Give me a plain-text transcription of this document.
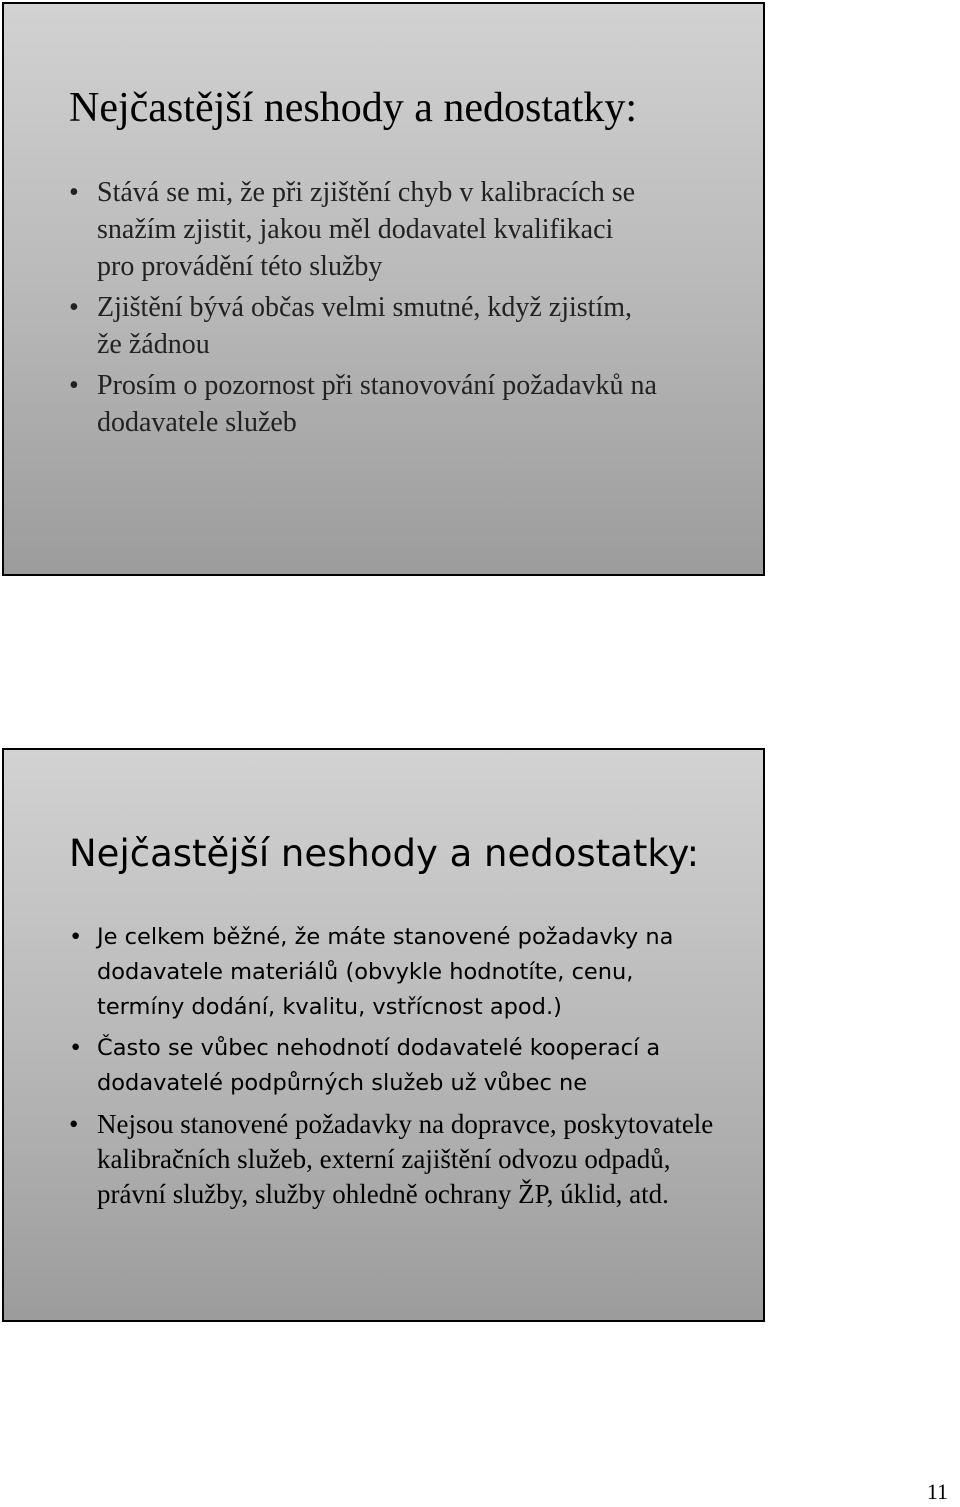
Nejčastější neshody a nedostatky:
• Stává se mi, že při zjištění chyb v kalibracích se snažím zjistit, jakou měl dodavatel kvalifikaci pro provádění této služby
• Zjištění bývá občas velmi smutné, když zjistím, že žádnou
• Prosím o pozornost při stanovování požadavků na dodavatele služeb
Nejčastější neshody a nedostatky:
• Je celkem běžné, že máte stanovené požadavky na dodavatele materiálů (obvykle hodnotíte, cenu, termíny dodání, kvalitu, vstřícnost apod.)
• Často se vůbec nehodnotí dodavatelé kooperací a dodavatelé podpůrných služeb už vůbec ne
• Nejsou stanovené požadavky na dopravce, poskytovatele kalibračních služeb, externí zajištění odvozu odpadů, právní služby, služby ohledně ochrany ŽP, úklid, atd.
11
